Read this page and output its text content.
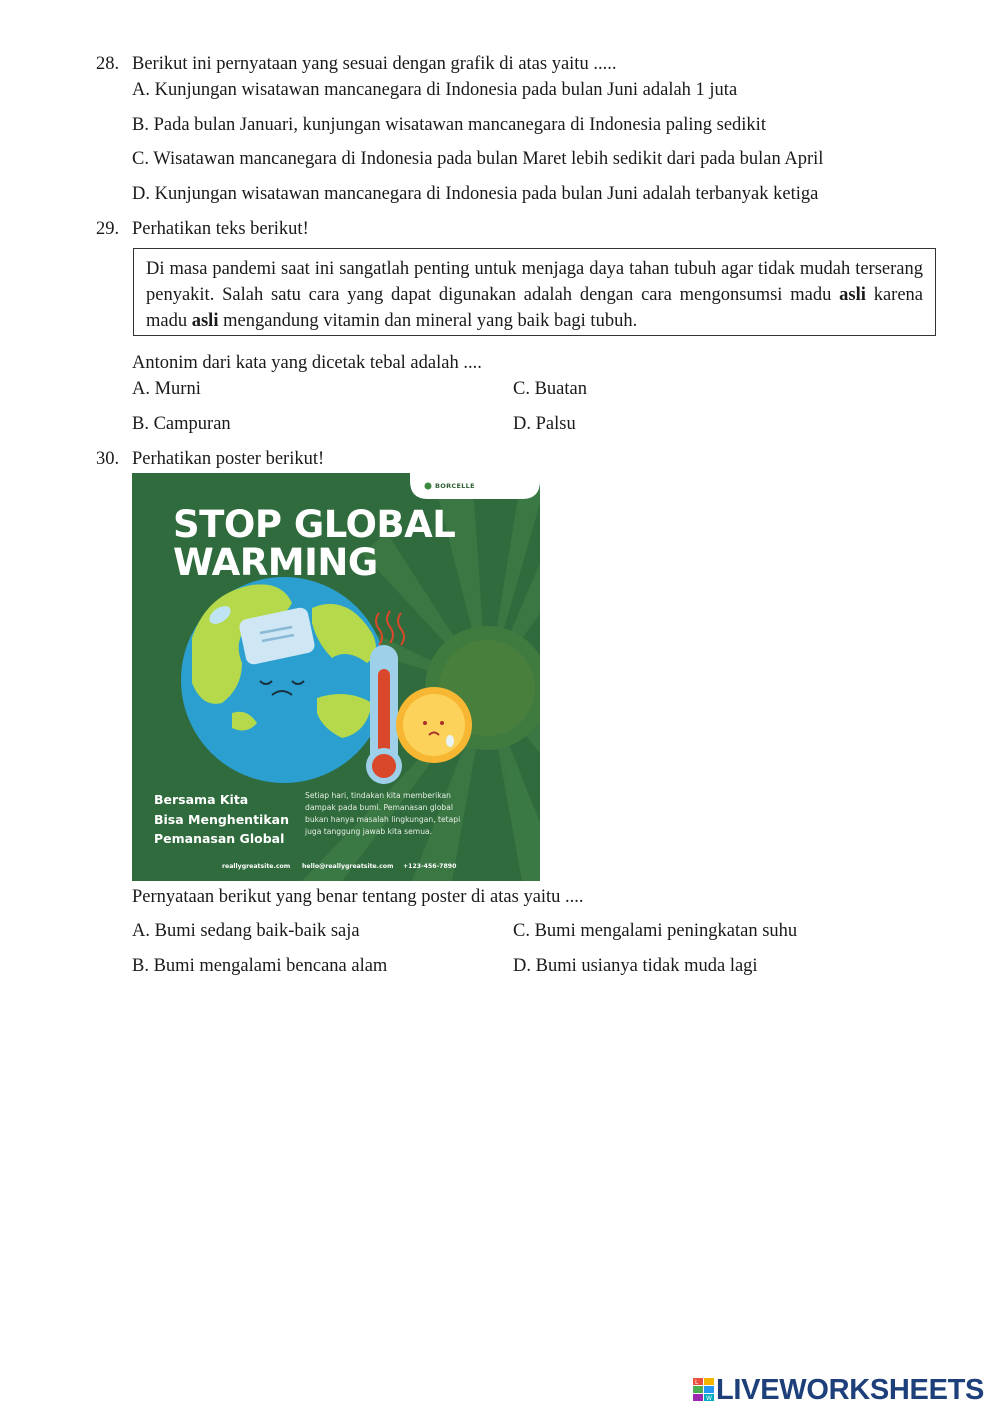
28. Berikut ini pernyataan yang sesuai dengan grafik di atas yaitu .....
A. Kunjungan wisatawan mancanegara di Indonesia pada bulan Juni adalah 1 juta
B. Pada bulan Januari, kunjungan wisatawan mancanegara di Indonesia paling sedikit
C. Wisatawan mancanegara di Indonesia pada bulan Maret lebih sedikit dari pada bulan April
D. Kunjungan wisatawan mancanegara di Indonesia pada bulan Juni adalah terbanyak ketiga
29. Perhatikan teks berikut!

Di masa pandemi saat ini sangatlah penting untuk menjaga daya tahan tubuh agar tidak mudah terserang penyakit. Salah satu cara yang dapat digunakan adalah dengan cara mengonsumsi madu asli karena madu asli mengandung vitamin dan mineral yang baik bagi tubuh.

Antonim dari kata yang dicetak tebal adalah ....
A. Murni	C. Buatan
B. Campuran	D. Palsu
30. Perhatikan poster berikut!
BORCELLE
STOP GLOBAL
WARMING
Bersama Kita
Bisa Menghentikan
Pemanasan Global
Setiap hari, tindakan kita memberikan
dampak pada bumi. Pemanasan global
bukan hanya masalah lingkungan, tetapi
juga tanggung jawab kita semua.
reallygreatsite.com hello@reallygreatsite.com +123-456-7890
Pernyataan berikut yang benar tentang poster di atas yaitu ....
A. Bumi sedang baik-baik saja	C. Bumi mengalami peningkatan suhu
B. Bumi mengalami bencana alam	D. Bumi usianya tidak muda lagi
L
W LIVEWORKSHEETS
